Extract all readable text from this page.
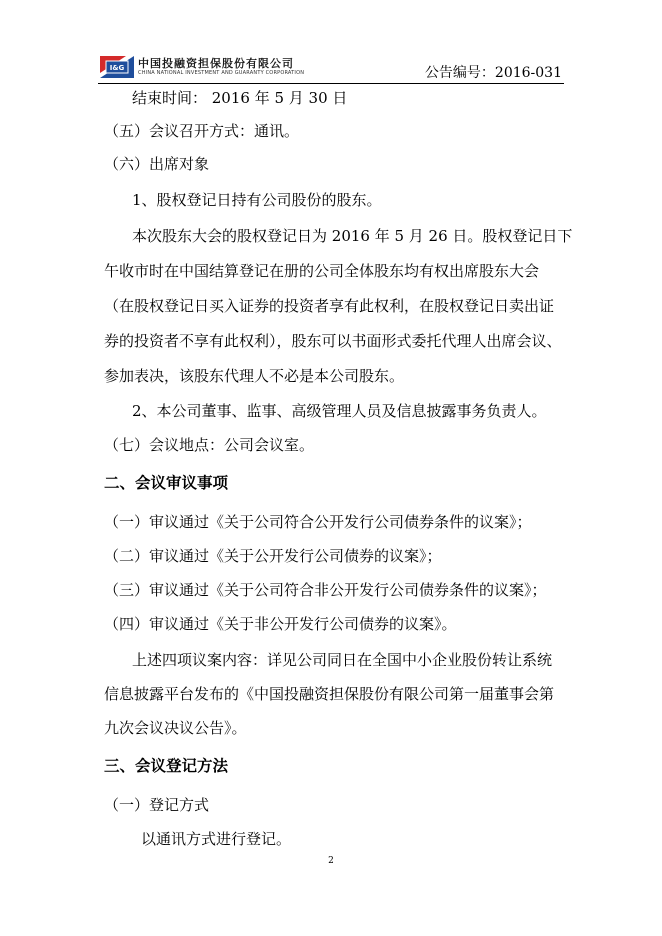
I&G 中国投融资担保股份有限公司
CHINA NATIONAL INVESTMENT AND GUARANTY CORPORATION	公告编号：2016-031
结束时间： 2016 年 5 月 30 日
（五）会议召开方式：通讯。
（六）出席对象
1、股权登记日持有公司股份的股东。
本次股东大会的股权登记日为 2016 年 5 月 26 日。股权登记日下
午收市时在中国结算登记在册的公司全体股东均有权出席股东大会
（在股权登记日买入证券的投资者享有此权利，在股权登记日卖出证
券的投资者不享有此权利），股东可以书面形式委托代理人出席会议、
参加表决，该股东代理人不必是本公司股东。
2、本公司董事、监事、高级管理人员及信息披露事务负责人。
（七）会议地点：公司会议室。
二、会议审议事项
（一）审议通过《关于公司符合公开发行公司债券条件的议案》；
（二）审议通过《关于公开发行公司债券的议案》；
（三）审议通过《关于公司符合非公开发行公司债券条件的议案》；
（四）审议通过《关于非公开发行公司债券的议案》。
上述四项议案内容：详见公司同日在全国中小企业股份转让系统
信息披露平台发布的《中国投融资担保股份有限公司第一届董事会第
九次会议决议公告》。
三、会议登记方法
（一）登记方式
以通讯方式进行登记。
2
